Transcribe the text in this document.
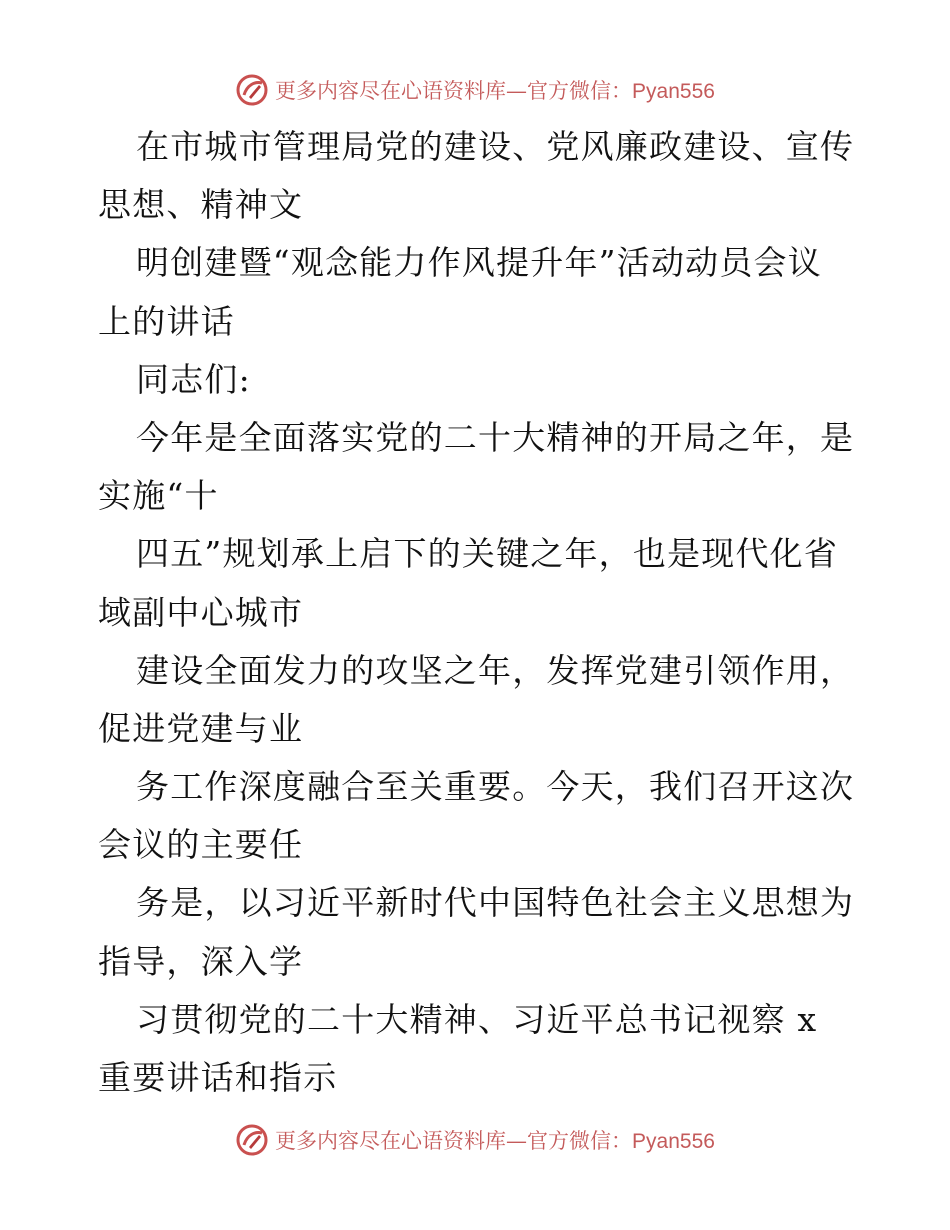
更多内容尽在心语资料库—官方微信：Pyan556
在市城市管理局党的建设、党风廉政建设、宣传
思想、精神文
明创建暨“观念能力作风提升年”活动动员会议
上的讲话
同志们:
今年是全面落实党的二十大精神的开局之年，是
实施“十
四五”规划承上启下的关键之年，也是现代化省
域副中心城市
建设全面发力的攻坚之年，发挥党建引领作用，
促进党建与业
务工作深度融合至关重要。今天，我们召开这次
会议的主要任
务是，以习近平新时代中国特色社会主义思想为
指导，深入学
习贯彻党的二十大精神、习近平总书记视察 x
重要讲话和指示
更多内容尽在心语资料库—官方微信：Pyan556
